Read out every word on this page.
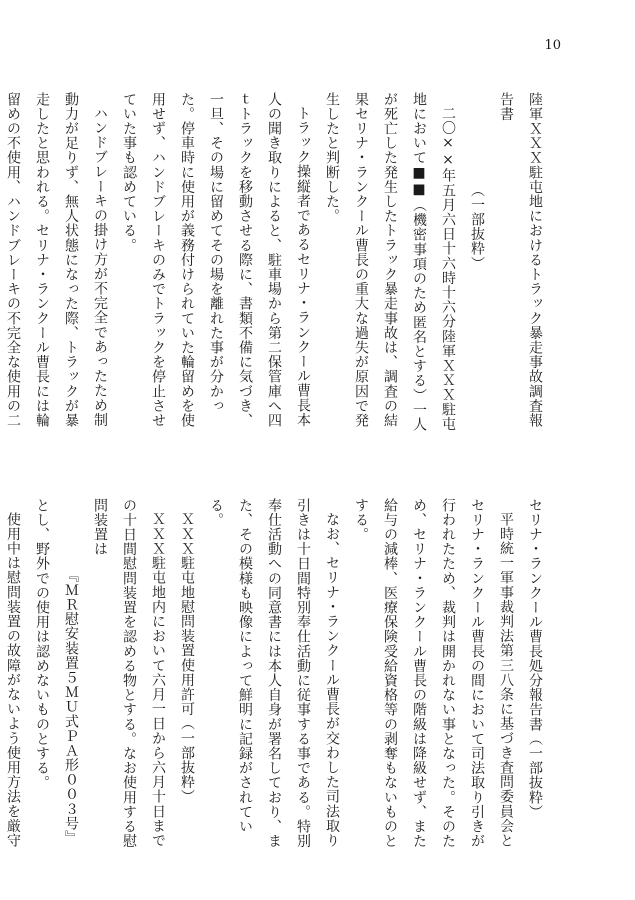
10

陸軍ＸＸＸ駐屯地におけるトラック暴走事故調査報告書

（一部抜粋）

二〇××年五月六日十六時十六分陸軍ＸＸＸ駐屯地において■■（機密事項のため匿名とする）一人が死亡した発生したトラック暴走事故は、調査の結果セリナ・ランクール曹長の重大な過失が原因で発生したと判断した。

トラック操縦者であるセリナ・ランクール曹長本人の聞き取りによると、駐車場から第二保管庫へ四ｔトラックを移動させる際に、書類不備に気づき、一旦、その場に留めてその場を離れた事が分かった。停車時に使用が義務付けられていた輪留めを使用せず、ハンドブレーキのみでトラックを停止させていた事も認めている。

ハンドブレーキの掛け方が不完全であったため制動力が足りず、無人状態になった際、トラックが暴走したと思われる。セリナ・ランクール曹長には輪留めの不使用、ハンドブレーキの不完全な使用の二

セリナ・ランクール曹長処分報告書（一部抜粋）

平時統一軍事裁判法第三八条に基づき査問委員会とセリナ・ランクール曹長の間において司法取り引きが行われたため、裁判は開かれない事となった。そのため、セリナ・ランクール曹長の階級は降級せず、また給与の減棒、医療保険受給資格等の剥奪もないものとする。

なお、セリナ・ランクール曹長が交わした司法取り引きは十日間特別奉仕活動に従事する事である。特別奉仕活動への同意書には本人自身が署名しており、また、その模様も映像によって鮮明に記録がされている。

ＸＸＸ駐屯地慰問装置使用許可（一部抜粋）

ＸＸＸ駐屯地内において六月一日から六月十日までの十日間慰問装置を認める物とする。なお使用する慰問装置は

『ＭＲ慰安装置５ＭＵ式ＰＡ形００３号』

とし、野外での使用は認めないものとする。

使用中は慰問装置の故障がないよう使用方法を厳守
